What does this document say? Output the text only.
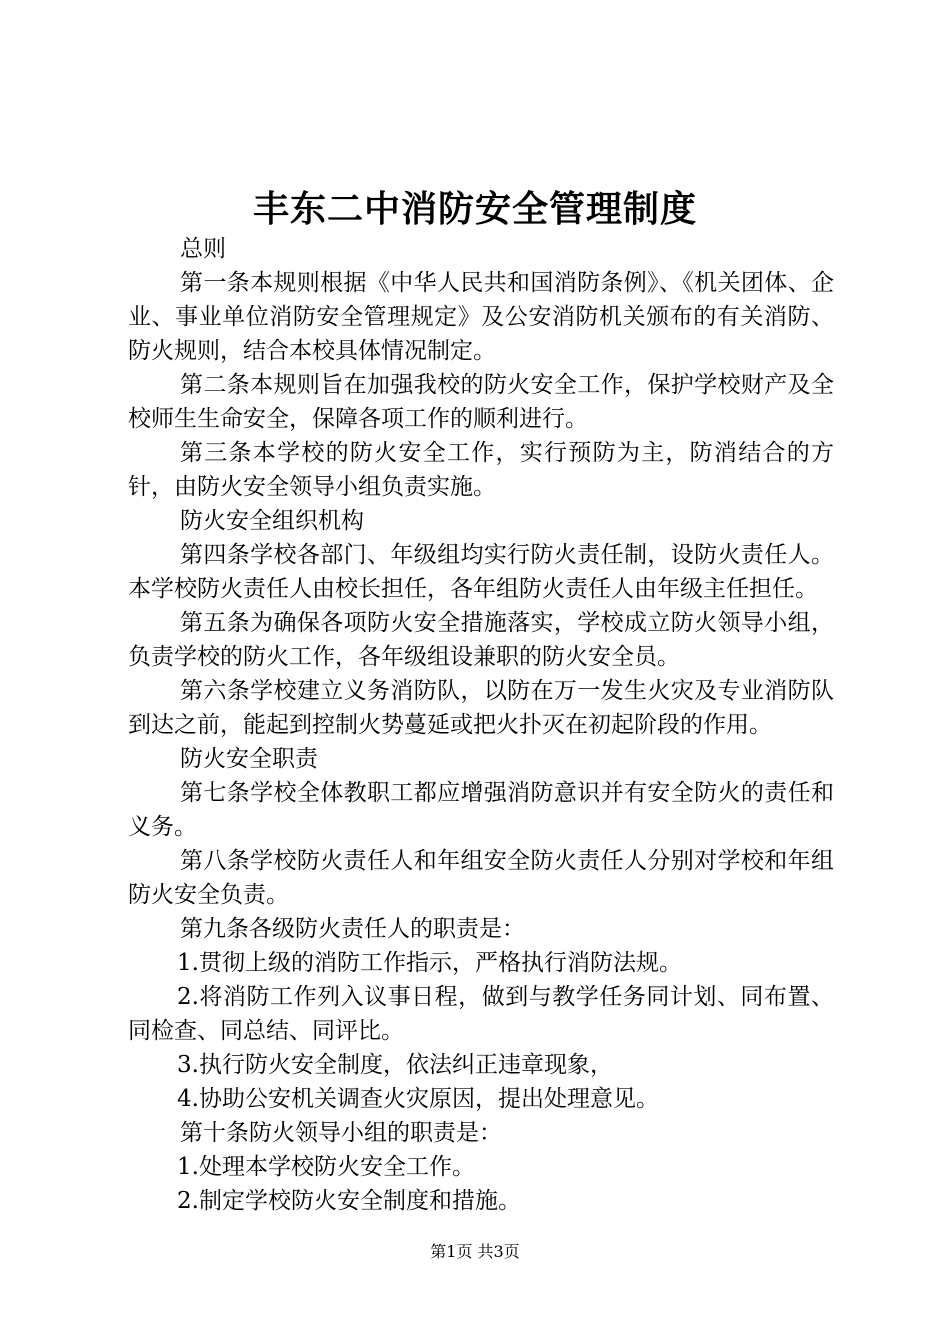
丰东二中消防安全管理制度

总则

第一条本规则根据《中华人民共和国消防条例》、《机关团体、企业、事业单位消防安全管理规定》及公安消防机关颁布的有关消防、防火规则，结合本校具体情况制定。

第二条本规则旨在加强我校的防火安全工作，保护学校财产及全校师生生命安全，保障各项工作的顺利进行。

第三条本学校的防火安全工作，实行预防为主，防消结合的方针，由防火安全领导小组负责实施。

防火安全组织机构

第四条学校各部门、年级组均实行防火责任制，设防火责任人。本学校防火责任人由校长担任，各年组防火责任人由年级主任担任。

第五条为确保各项防火安全措施落实，学校成立防火领导小组，负责学校的防火工作，各年级组设兼职的防火安全员。

第六条学校建立义务消防队，以防在万一发生火灾及专业消防队到达之前，能起到控制火势蔓延或把火扑灭在初起阶段的作用。

防火安全职责

第七条学校全体教职工都应增强消防意识并有安全防火的责任和义务。

第八条学校防火责任人和年组安全防火责任人分别对学校和年组防火安全负责。

第九条各级防火责任人的职责是：

1.贯彻上级的消防工作指示，严格执行消防法规。

2.将消防工作列入议事日程，做到与教学任务同计划、同布置、同检查、同总结、同评比。

3.执行防火安全制度，依法纠正违章现象，

4.协助公安机关调查火灾原因，提出处理意见。

第十条防火领导小组的职责是：

1.处理本学校防火安全工作。

2.制定学校防火安全制度和措施。

第1页 共3页
